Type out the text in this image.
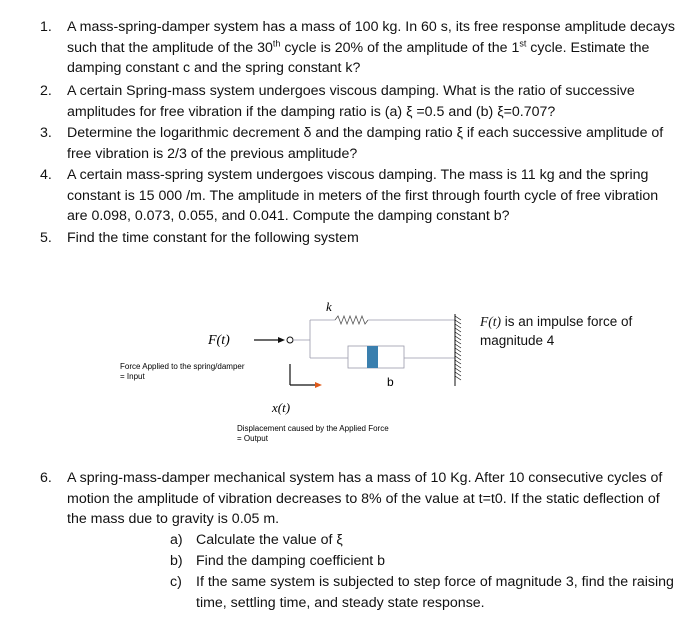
1. A mass-spring-damper system has a mass of 100 kg. In 60 s, its free response amplitude decays such that the amplitude of the 30th cycle is 20% of the amplitude of the 1st cycle. Estimate the damping constant c and the spring constant k?
2. A certain Spring-mass system undergoes viscous damping. What is the ratio of successive amplitudes for free vibration if the damping ratio is (a) ξ =0.5 and (b) ξ=0.707?
3. Determine the logarithmic decrement δ and the damping ratio ξ if each successive amplitude of free vibration is 2/3 of the previous amplitude?
4. A certain mass-spring system undergoes viscous damping. The mass is 11 kg and the spring constant is 15 000 /m. The amplitude in meters of the first through fourth cycle of free vibration are 0.098, 0.073, 0.055, and 0.041. Compute the damping constant b?
5. Find the time constant for the following system
F(t)
k
b
x(t)
Force Applied to the spring/damper
= Input
Displacement caused by the Applied Force
= Output
F(t) is an impulse force of magnitude 4
6. A spring-mass-damper mechanical system has a mass of 10 Kg. After 10 consecutive cycles of motion the amplitude of vibration decreases to 8% of the value at t=t0. If the static deflection of the mass due to gravity is 0.05 m.
a) Calculate the value of ξ
b) Find the damping coefficient b
c) If the same system is subjected to step force of magnitude 3, find the raising time, settling time, and steady state response.
